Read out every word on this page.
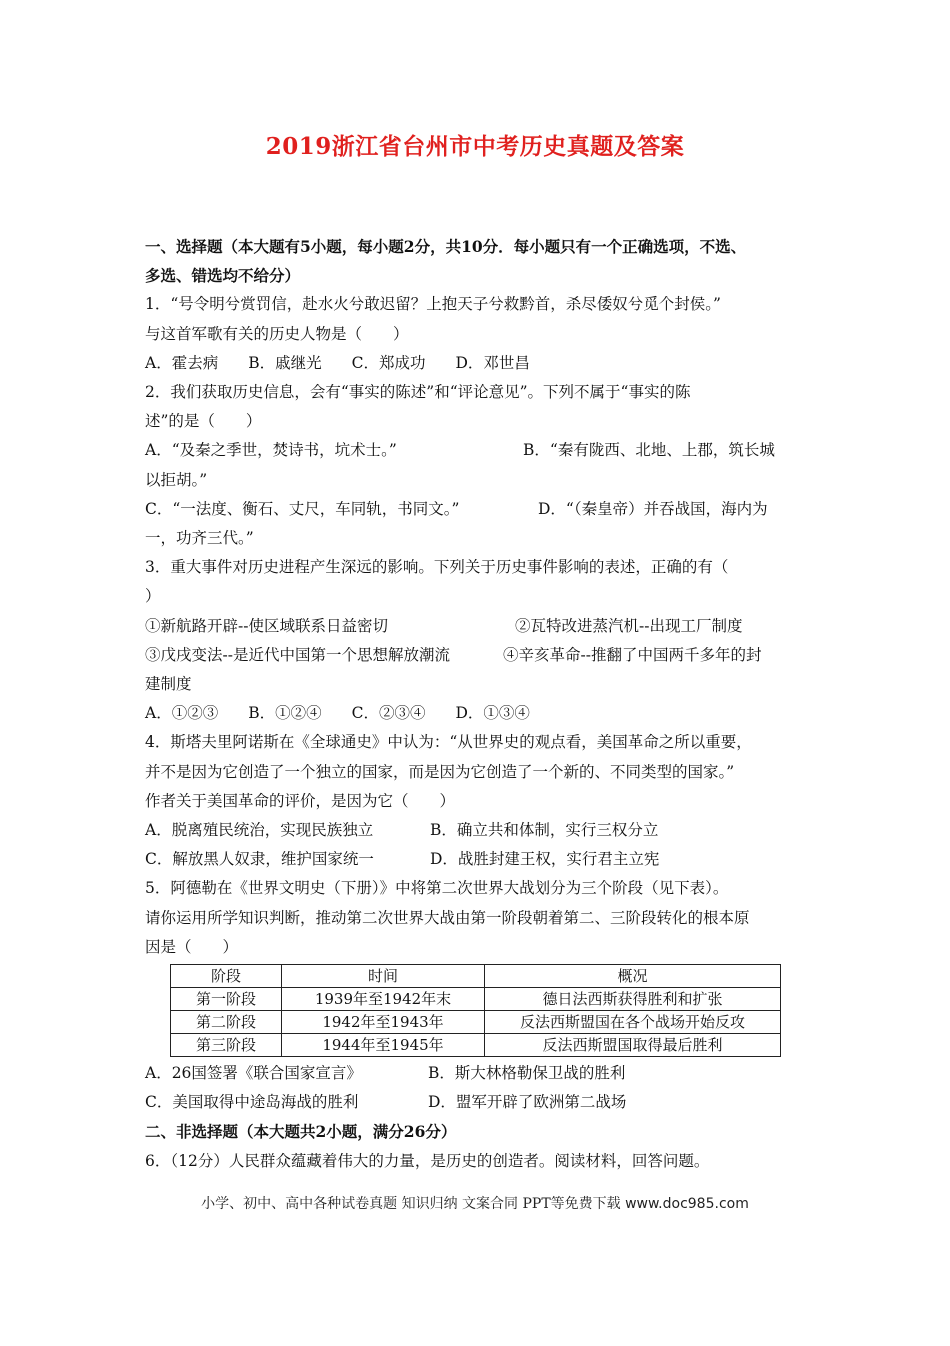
2019浙江省台州市中考历史真题及答案
一、选择题（本大题有5小题，每小题2分，共10分．每小题只有一个正确选项，不选、
多选、错选均不给分）
1．“号令明兮赏罚信，赴水火兮敢迟留？上抱天子兮救黔首，杀尽倭奴兮觅个封侯。”
与这首军歌有关的历史人物是（　　）
A．霍去病 B．戚继光 C．郑成功 D．邓世昌
2．我们获取历史信息，会有“事实的陈述”和“评论意见”。下列不属于“事实的陈
述”的是（　　）
A．“及秦之季世，焚诗书，坑术士。”	B．“秦有陇西、北地、上郡，筑长城
以拒胡。”
C．“一法度、衡石、丈尺，车同轨，书同文。”	D．“（秦皇帝）并吞战国，海内为
一，功齐三代。”
3．重大事件对历史进程产生深远的影响。下列关于历史事件影响的表述，正确的有（
）
①新航路开辟--使区域联系日益密切	②瓦特改进蒸汽机--出现工厂制度
③戊戌变法--是近代中国第一个思想解放潮流	④辛亥革命--推翻了中国两千多年的封
建制度
A．①②③ B．①②④ C．②③④ D．①③④
4．斯塔夫里阿诺斯在《全球通史》中认为：“从世界史的观点看，美国革命之所以重要，
并不是因为它创造了一个独立的国家，而是因为它创造了一个新的、不同类型的国家。”
作者关于美国革命的评价，是因为它（　　）
A．脱离殖民统治，实现民族独立	B．确立共和体制，实行三权分立
C．解放黑人奴隶，维护国家统一	D．战胜封建王权，实行君主立宪
5．阿德勒在《世界文明史（下册）》中将第二次世界大战划分为三个阶段（见下表）。
请你运用所学知识判断，推动第二次世界大战由第一阶段朝着第二、三阶段转化的根本原
因是（　　）
阶段	时间	概况
第一阶段	1939年至1942年末	德日法西斯获得胜利和扩张
第二阶段	1942年至1943年	反法西斯盟国在各个战场开始反攻
第三阶段	1944年至1945年	反法西斯盟国取得最后胜利
A．26国签署《联合国家宣言》	B．斯大林格勒保卫战的胜利
C．美国取得中途岛海战的胜利	D．盟军开辟了欧洲第二战场
二、非选择题（本大题共2小题，满分26分）
6．（12分）人民群众蕴藏着伟大的力量，是历史的创造者。阅读材料，回答问题。
小学、初中、高中各种试卷真题 知识归纳 文案合同 PPT等免费下载 www.doc985.com
